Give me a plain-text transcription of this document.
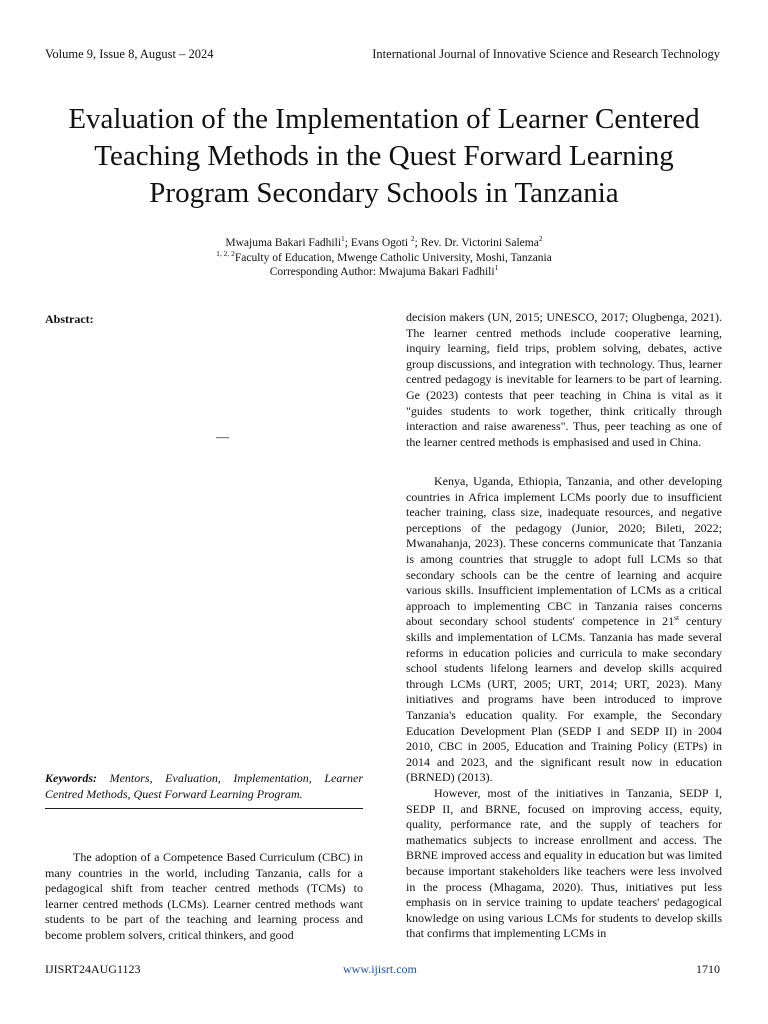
Volume 9, Issue 8, August – 2024	International Journal of Innovative Science and Research Technology
Evaluation of the Implementation of Learner Centered
Teaching Methods in the Quest Forward Learning
Program Secondary Schools in Tanzania
Mwajuma Bakari Fadhili$^1$; Evans Ogoti $^2$; Rev. Dr. Victorini Salema$^2$
$^{1, 2, 2}$Faculty of Education, Mwenge Catholic University, Moshi, Tanzania
Corresponding Author: Mwajuma Bakari Fadhili$^1$
Abstract:
—
Keywords: Mentors, Evaluation, Implementation, Learner Centred Methods, Quest Forward Learning Program.

The adoption of a Competence Based Curriculum (CBC) in many countries in the world, including Tanzania, calls for a pedagogical shift from teacher centred methods (TCMs) to learner centred methods (LCMs). Learner centred methods want students to be part of the teaching and learning process and become problem solvers, critical thinkers, and good

decision makers (UN, 2015; UNESCO, 2017; Olugbenga, 2021). The learner centred methods include cooperative learning, inquiry learning, field trips, problem solving, debates, active group discussions, and integration with technology. Thus, learner centred pedagogy is inevitable for learners to be part of learning. Ge (2023) contests that peer teaching in China is vital as it "guides students to work together, think critically through interaction and raise awareness". Thus, peer teaching as one of the learner centred methods is emphasised and used in China.

Kenya, Uganda, Ethiopia, Tanzania, and other developing countries in Africa implement LCMs poorly due to insufficient teacher training, class size, inadequate resources, and negative perceptions of the pedagogy (Junior, 2020; Bileti, 2022; Mwanahanja, 2023). These concerns communicate that Tanzania is among countries that struggle to adopt full LCMs so that secondary schools can be the centre of learning and acquire various skills. Insufficient implementation of LCMs as a critical approach to implementing CBC in Tanzania raises concerns about secondary school students' competence in 21st century skills and implementation of LCMs. Tanzania has made several reforms in education policies and curricula to make secondary school students lifelong learners and develop skills acquired through LCMs (URT, 2005; URT, 2014; URT, 2023). Many initiatives and programs have been introduced to improve Tanzania's education quality. For example, the Secondary Education Development Plan (SEDP I and SEDP II) in 2004 2010, CBC in 2005, Education and Training Policy (ETPs) in 2014 and 2023, and the significant result now in education (BRNED) (2013).

However, most of the initiatives in Tanzania, SEDP I, SEDP II, and BRNE, focused on improving access, equity, quality, performance rate, and the supply of teachers for mathematics subjects to increase enrollment and access. The BRNE improved access and equality in education but was limited because important stakeholders like teachers were less involved in the process (Mhagama, 2020). Thus, initiatives put less emphasis on in service training to update teachers' pedagogical knowledge on using various LCMs for students to develop skills that confirms that implementing LCMs in

IJISRT24AUG1123	www.ijisrt.com	1710
